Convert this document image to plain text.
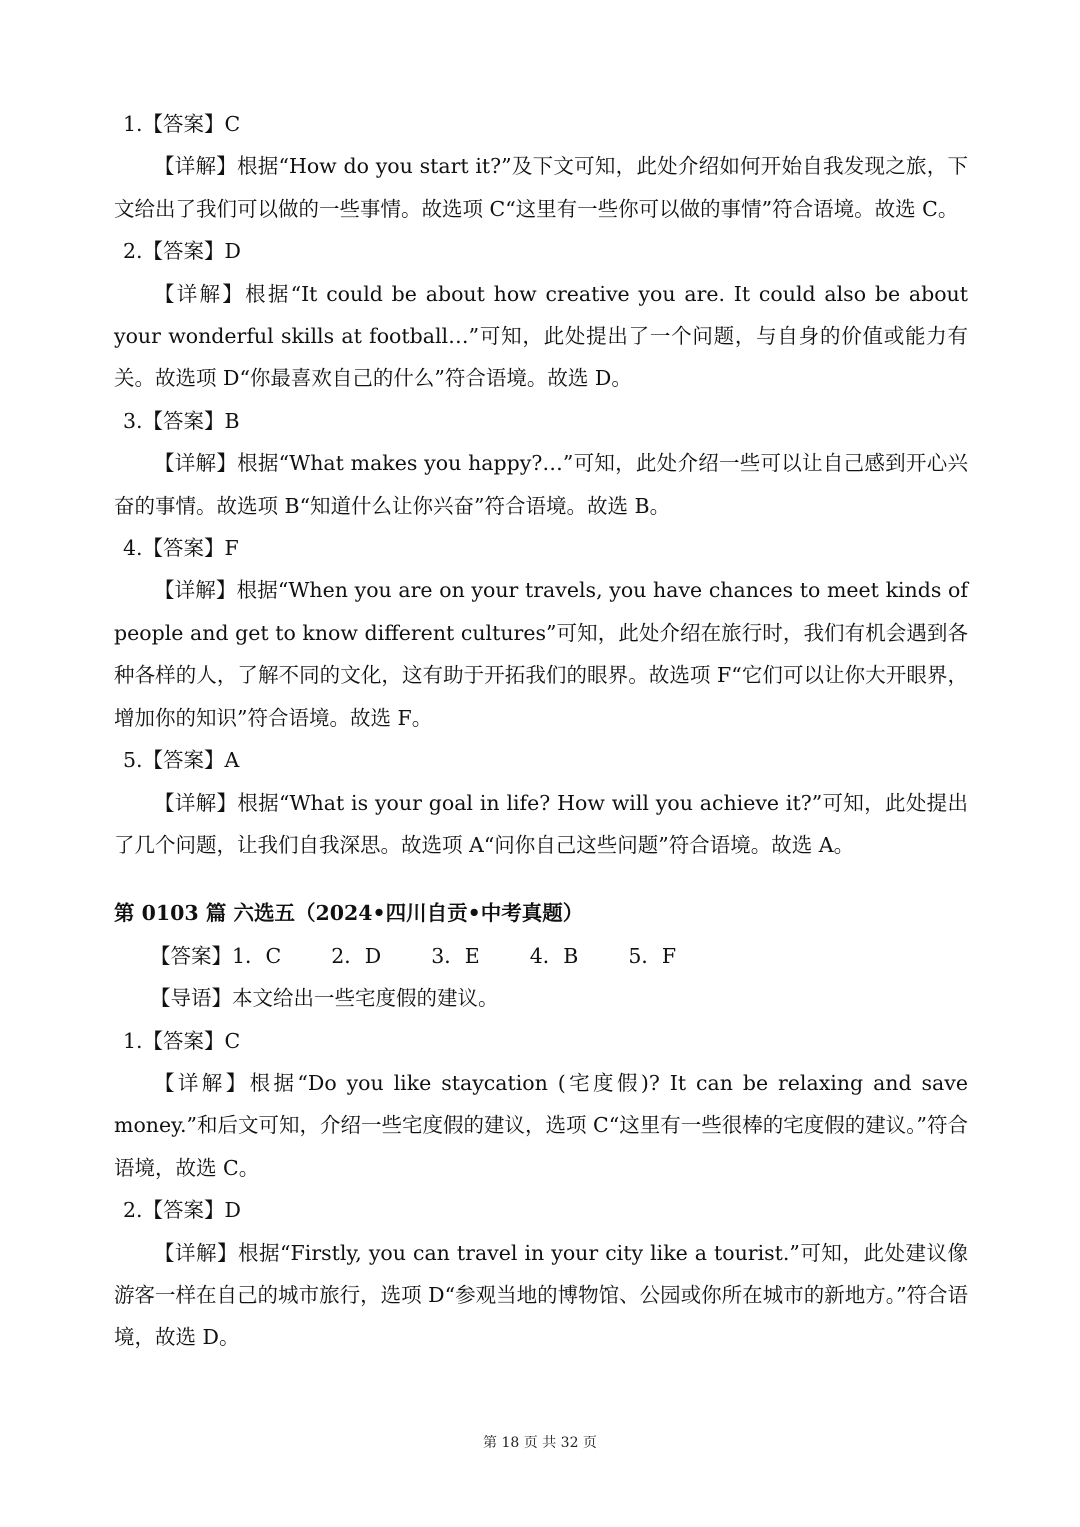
1.【答案】C

【详解】根据“How do you start it?”及下文可知，此处介绍如何开始自我发现之旅，下文给出了我们可以做的一些事情。故选项 C“这里有一些你可以做的事情”符合语境。故选 C。

2.【答案】D

【详解】根据“It could be about how creative you are. It could also be about your wonderful skills at football…”可知，此处提出了一个问题，与自身的价值或能力有关。故选项 D“你最喜欢自己的什么”符合语境。故选 D。

3.【答案】B

【详解】根据“What makes you happy?…”可知，此处介绍一些可以让自己感到开心兴奋的事情。故选项 B“知道什么让你兴奋”符合语境。故选 B。

4.【答案】F

【详解】根据“When you are on your travels, you have chances to meet kinds of people and get to know different cultures”可知，此处介绍在旅行时，我们有机会遇到各种各样的人，了解不同的文化，这有助于开拓我们的眼界。故选项 F“它们可以让你大开眼界，增加你的知识”符合语境。故选 F。

5.【答案】A

【详解】根据“What is your goal in life? How will you achieve it?”可知，此处提出了几个问题，让我们自我深思。故选项 A“问你自己这些问题”符合语境。故选 A。

第 0103 篇 六选五（2024•四川自贡•中考真题）

【答案】1．C 2．D 3．E 4．B 5．F

【导语】本文给出一些宅度假的建议。

1.【答案】C

【详解】根据“Do you like staycation (宅度假)? It can be relaxing and save money.”和后文可知，介绍一些宅度假的建议，选项 C“这里有一些很棒的宅度假的建议。”符合语境，故选 C。

2.【答案】D

【详解】根据“Firstly, you can travel in your city like a tourist.”可知，此处建议像游客一样在自己的城市旅行，选项 D“参观当地的博物馆、公园或你所在城市的新地方。”符合语境，故选 D。

第 18 页 共 32 页
